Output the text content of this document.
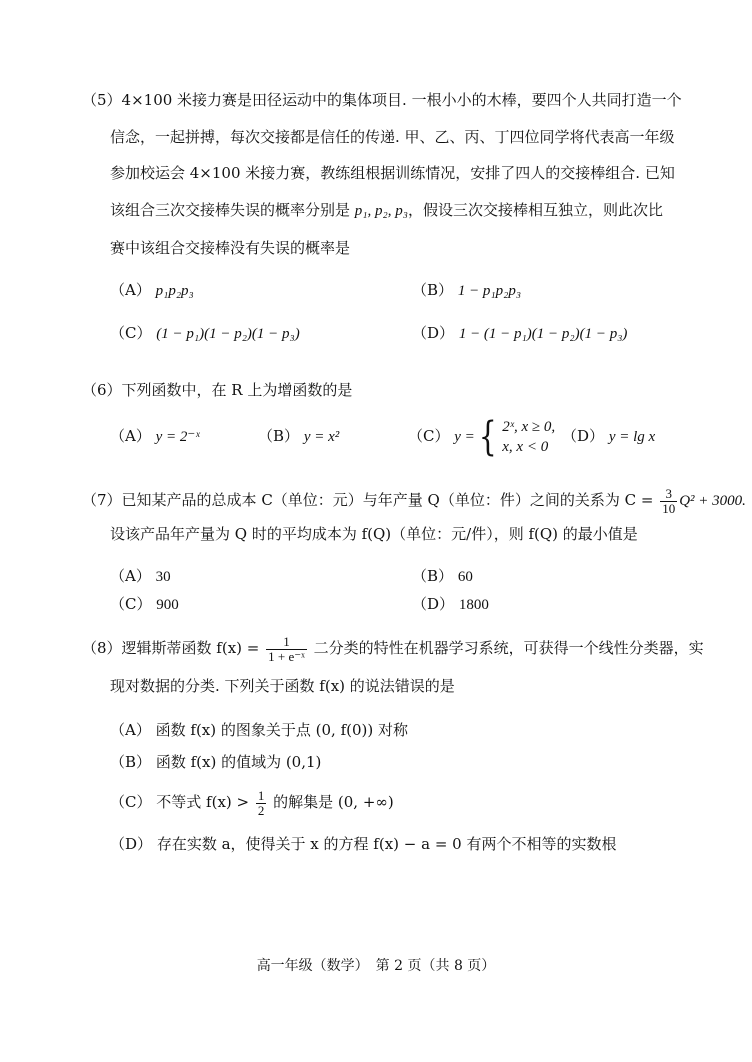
（5）4×100 米接力赛是田径运动中的集体项目. 一根小小的木棒，要四个人共同打造一个
信念，一起拼搏，每次交接都是信任的传递. 甲、乙、丙、丁四位同学将代表高一年级
参加校运会 4×100 米接力赛，教练组根据训练情况，安排了四人的交接棒组合. 已知
该组合三次交接棒失误的概率分别是 p₁, p₂, p₃，假设三次交接棒相互独立，则此次比
赛中该组合交接棒没有失误的概率是
（A） p₁p₂p₃	（B） 1 − p₁p₂p₃
（C） (1 − p₁)(1 − p₂)(1 − p₃)	（D） 1 − (1 − p₁)(1 − p₂)(1 − p₃)
（6）下列函数中，在 R 上为增函数的是
（A） y = 2⁻ˣ	（B） y = x²	（C） y ={ 2ˣ, x ≥ 0,
x, x < 0
（D） y = lg x
（7）已知某产品的总成本 C（单位：元）与年产量 Q（单位：件）之间的关系为 $C = \frac{3}{10} Q^2 + 3000$.
设该产品年产量为 Q 时的平均成本为 f(Q)（单位：元/件），则 f(Q) 的最小值是
（A） 30	（B） 60
（C） 900	（D） 1800
（8）逻辑斯蒂函数 $f(x) = \frac{1}{\text{1 + e⁻ˣ}}$ 二分类的特性在机器学习系统，可获得一个线性分类器，实
现对数据的分类. 下列关于函数 f(x) 的说法错误的是
（A） 函数 f(x) 的图象关于点 (0, f(0)) 对称
（B） 函数 f(x) 的值域为 (0,1)
（C） 不等式 $f(x) > \frac{1}{2}$ 的解集是 (0, +∞)
（D） 存在实数 a，使得关于 x 的方程 f(x) − a = 0 有两个不相等的实数根
高一年级（数学）　第 2 页（共 8 页）
